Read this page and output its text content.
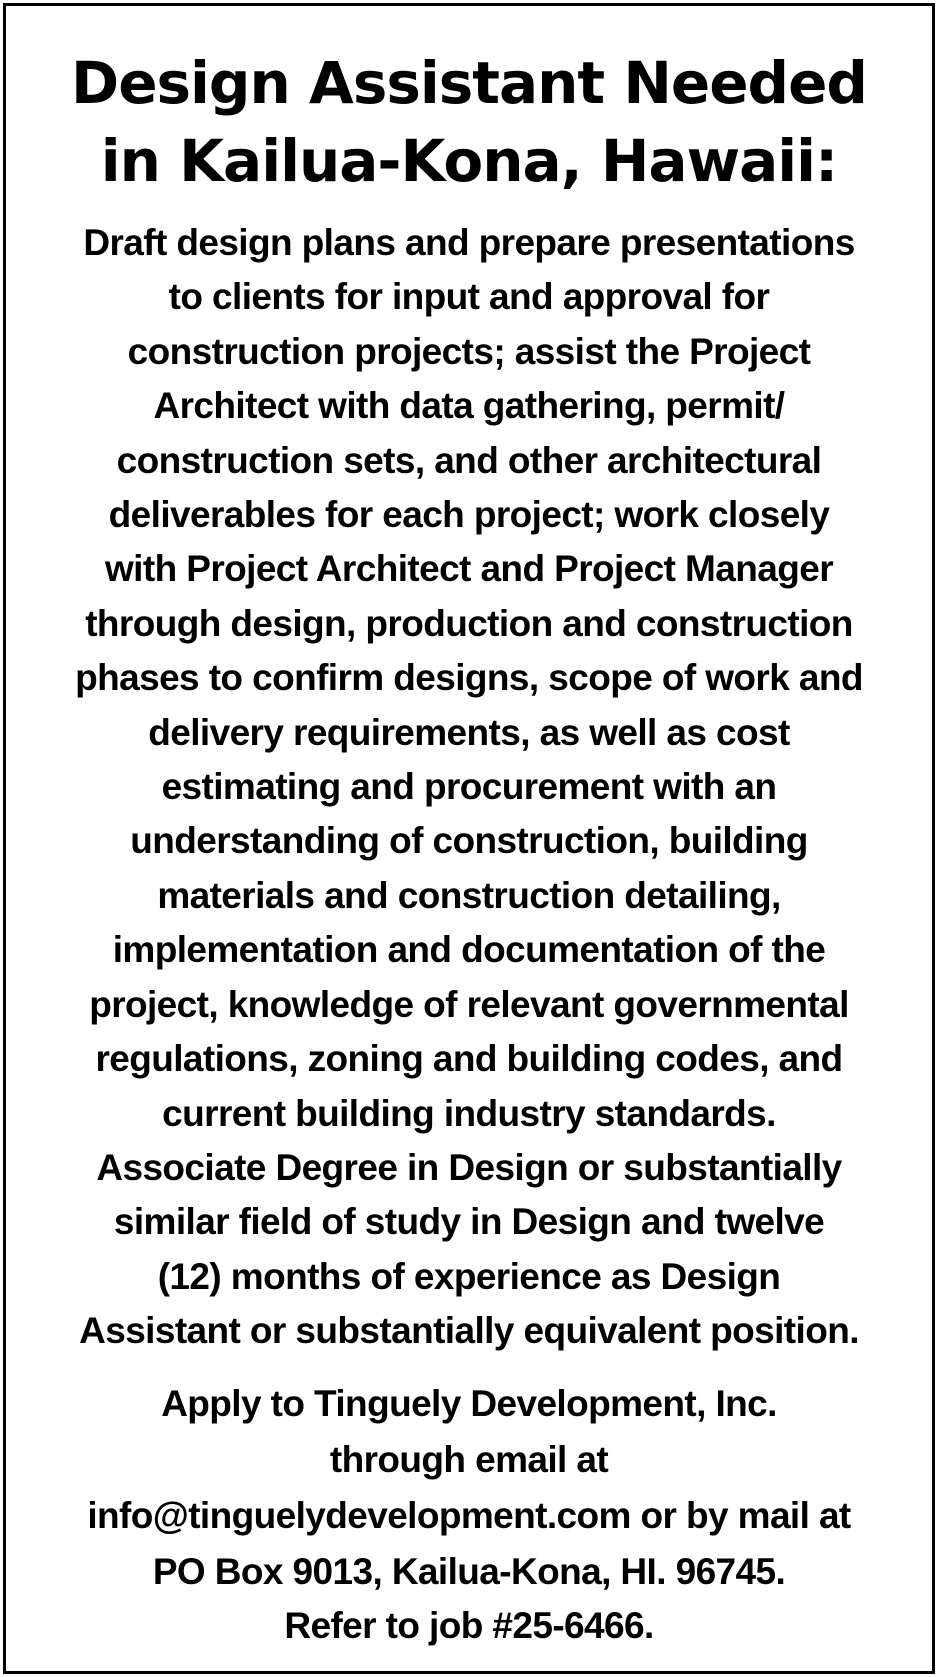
Design Assistant Needed
in Kailua-Kona, Hawaii:
Draft design plans and prepare presentations
to clients for input and approval for
construction projects; assist the Project
Architect with data gathering, permit/
construction sets, and other architectural
deliverables for each project; work closely
with Project Architect and Project Manager
through design, production and construction
phases to confirm designs, scope of work and
delivery requirements, as well as cost
estimating and procurement with an
understanding of construction, building
materials and construction detailing,
implementation and documentation of the
project, knowledge of relevant governmental
regulations, zoning and building codes, and
current building industry standards.
Associate Degree in Design or substantially
similar field of study in Design and twelve
(12) months of experience as Design
Assistant or substantially equivalent position.
Apply to Tinguely Development, Inc.
through email at
info@tinguelydevelopment.com or by mail at
PO Box 9013, Kailua-Kona, HI. 96745.
Refer to job #25-6466.
